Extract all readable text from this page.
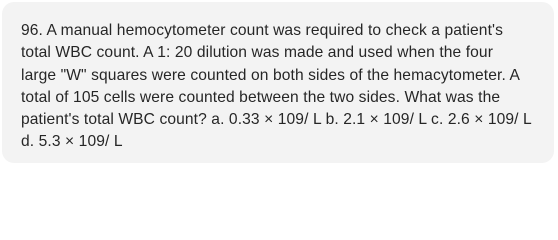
96. A manual hemocytometer count was required to check a patient's total WBC count. A 1: 20 dilution was made and used when the four large "W" squares were counted on both sides of the hemacytometer. A total of 105 cells were counted between the two sides. What was the patient's total WBC count? a. 0.33 × 109/ L b. 2.1 × 109/ L c. 2.6 × 109/ L d. 5.3 × 109/ L
